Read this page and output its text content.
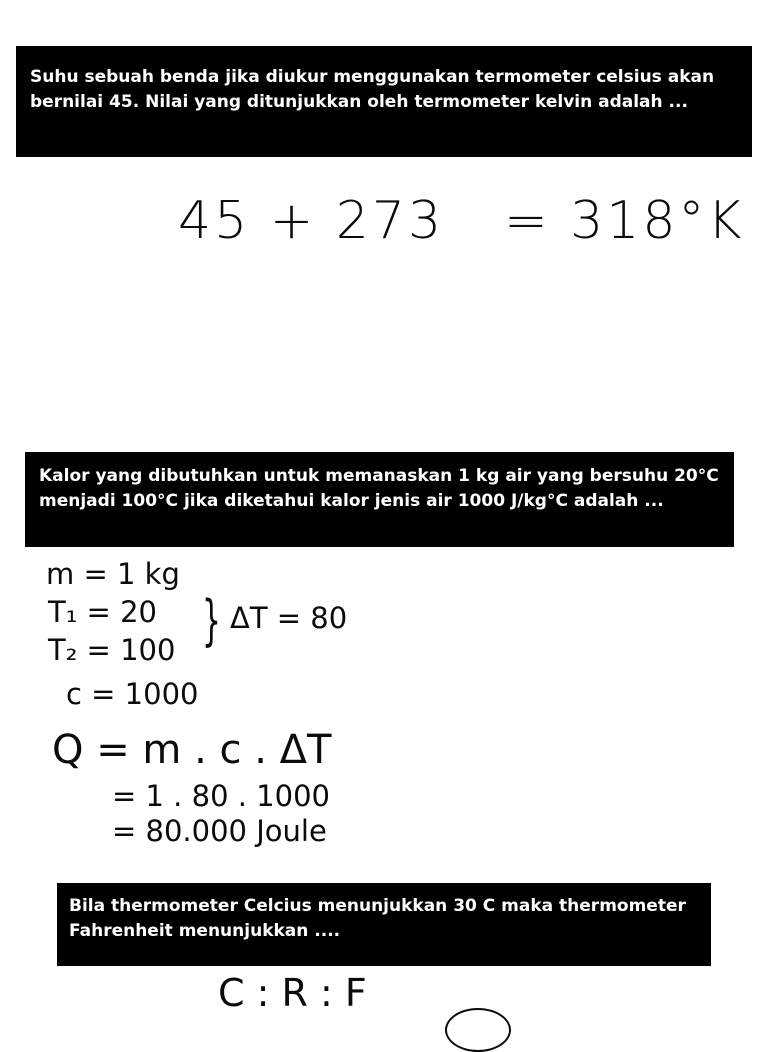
Suhu sebuah benda jika diukur menggunakan termometer celsius akan

bernilai 45. Nilai yang ditunjukkan oleh termometer kelvin adalah ...

45 + 273 = 318°K

Kalor yang dibutuhkan untuk memanaskan 1 kg air yang bersuhu 20°C

menjadi 100°C jika diketahui kalor jenis air 1000 J/kg°C adalah ...

m = 1 kg
T₁ = 20
T₂ = 100 } ΔT = 80
c = 1000
Q = m . c . ΔT
= 1 . 80 . 1000
= 80.000 Joule

Bila thermometer Celcius menunjukkan 30 C maka thermometer

Fahrenheit menunjukkan ....

C : R : F
